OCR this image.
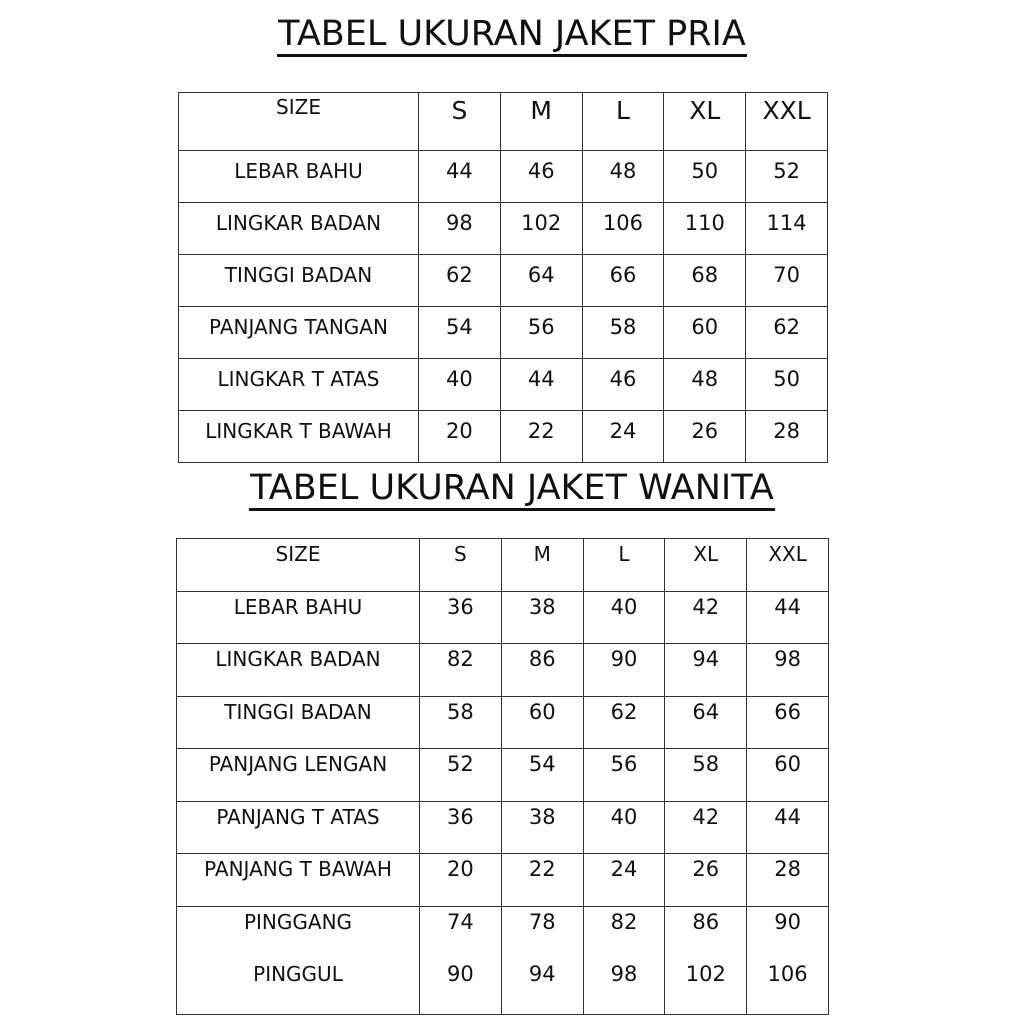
TABEL UKURAN JAKET PRIA
SIZE	S	M	L	XL	XXL
LEBAR BAHU	44	46	48	50	52
LINGKAR BADAN	98	102	106	110	114
TINGGI BADAN	62	64	66	68	70
PANJANG TANGAN	54	56	58	60	62
LINGKAR T ATAS	40	44	46	48	50
LINGKAR T BAWAH	20	22	24	26	28
TABEL UKURAN JAKET WANITA
SIZE	S	M	L	XL	XXL
LEBAR BAHU	36	38	40	42	44
LINGKAR BADAN	82	86	90	94	98
TINGGI BADAN	58	60	62	64	66
PANJANG LENGAN	52	54	56	58	60
PANJANG T ATAS	36	38	40	42	44
PANJANG T BAWAH	20	22	24	26	28
PINGGANG	74	78	82	86	90
PINGGUL	90	94	98	102	106
